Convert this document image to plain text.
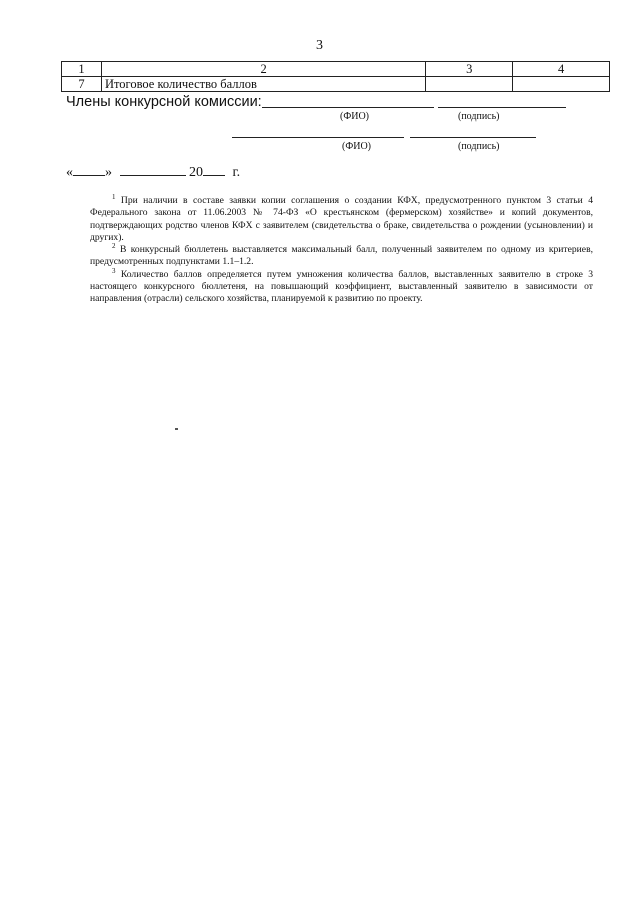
3
1	2	3	4
7	Итоговое количество баллов		
Члены конкурсной комиссии:
(ФИО)	(подпись)
(ФИО)	(подпись)
« »	20 г.

$^1$ При наличии в составе заявки копии соглашения о создании КФХ, предусмотренного пунктом 3 статьи 4 Федерального закона от 11.06.2003 № 74-ФЗ «О крестьянском (фермерском) хозяйстве» и копий документов, подтверждающих родство членов КФХ с заявителем (свидетельства о браке, свидетельства о рождении (усыновлении) и других).

$^2$ В конкурсный бюллетень выставляется максимальный балл, полученный заявителем по одному из критериев, предусмотренных подпунктами 1.1–1.2.

$^3$ Количество баллов определяется путем умножения количества баллов, выставленных заявителю в строке 3 настоящего конкурсного бюллетеня, на повышающий коэффициент, выставленный заявителю в зависимости от направления (отрасли) сельского хозяйства, планируемой к развитию по проекту.
